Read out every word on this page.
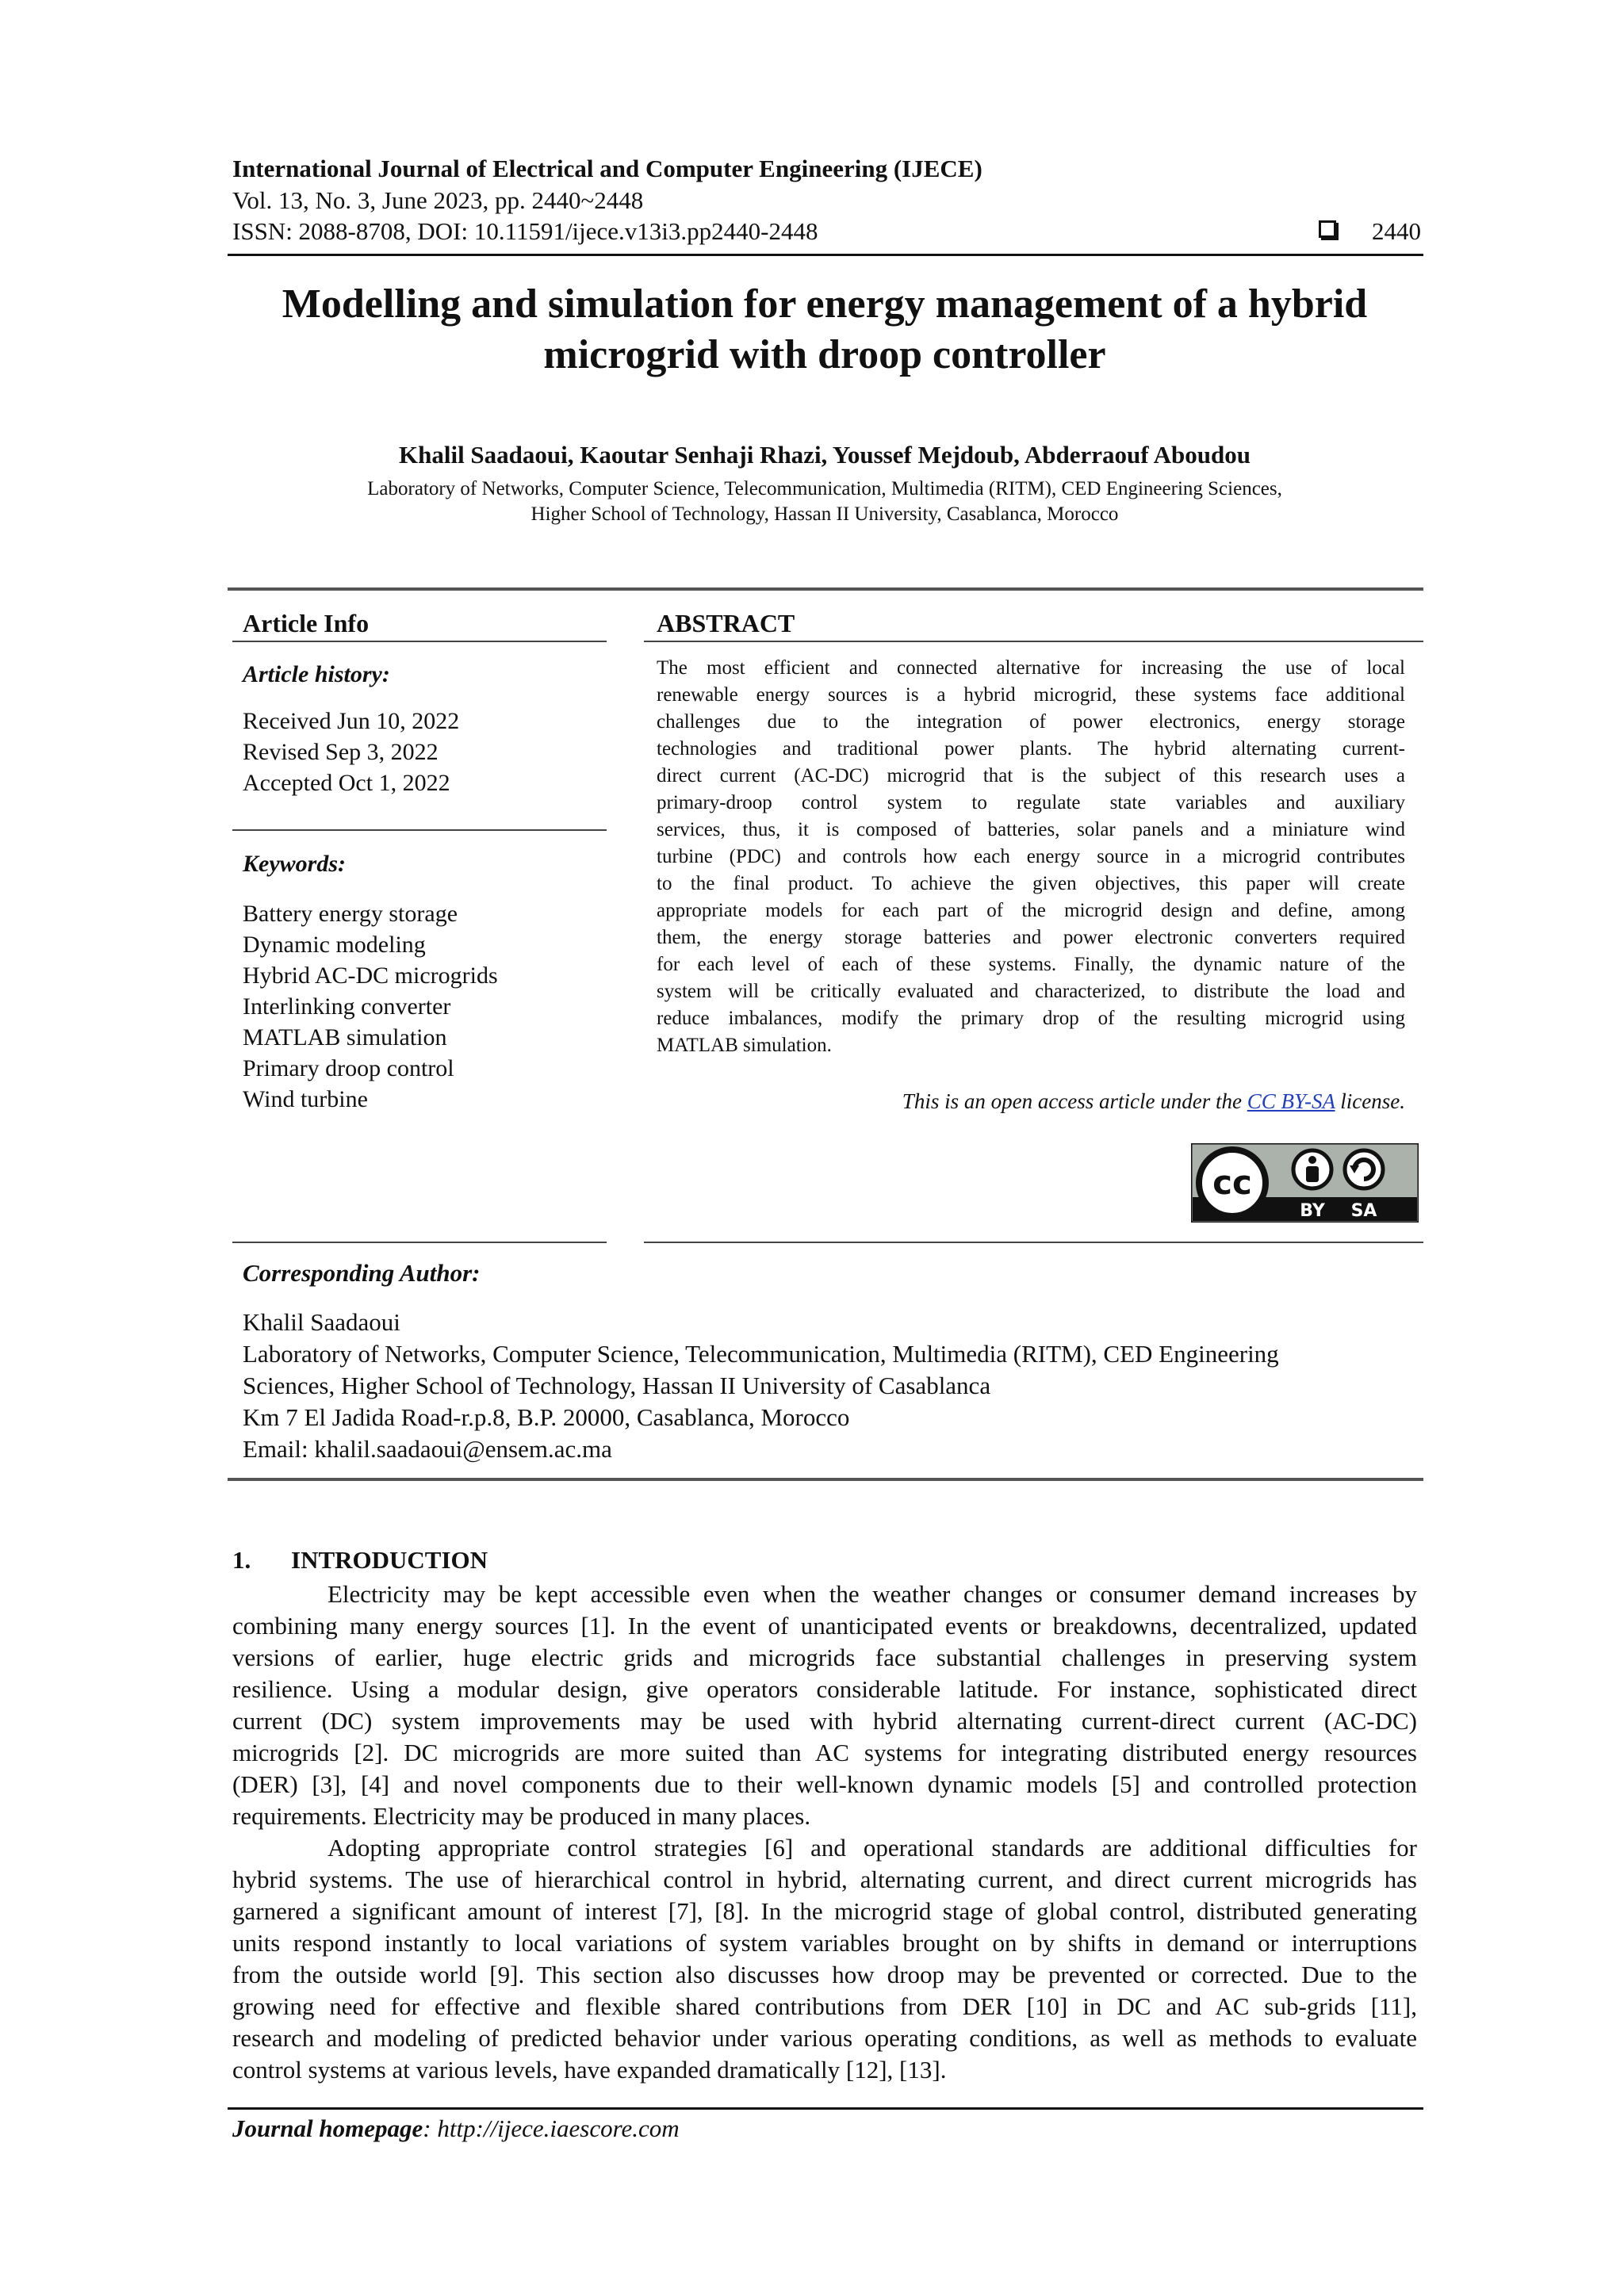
International Journal of Electrical and Computer Engineering (IJECE)
Vol. 13, No. 3, June 2023, pp. 2440~2448
ISSN: 2088-8708, DOI: 10.11591/ijece.v13i3.pp2440-2448	2440
Modelling and simulation for energy management of a hybrid
microgrid with droop controller
Khalil Saadaoui, Kaoutar Senhaji Rhazi, Youssef Mejdoub, Abderraouf Aboudou
Laboratory of Networks, Computer Science, Telecommunication, Multimedia (RITM), CED Engineering Sciences,
Higher School of Technology, Hassan II University, Casablanca, Morocco
Article Info
Article history:
Received Jun 10, 2022
Revised Sep 3, 2022
Accepted Oct 1, 2022
Keywords:
Battery energy storage
Dynamic modeling
Hybrid AC-DC microgrids
Interlinking converter
MATLAB simulation
Primary droop control
Wind turbine
ABSTRACT
The most efficient and connected alternative for increasing the use of local
renewable energy sources is a hybrid microgrid, these systems face additional
challenges due to the integration of power electronics, energy storage
technologies and traditional power plants. The hybrid alternating current-
direct current (AC-DC) microgrid that is the subject of this research uses a
primary-droop control system to regulate state variables and auxiliary
services, thus, it is composed of batteries, solar panels and a miniature wind
turbine (PDC) and controls how each energy source in a microgrid contributes
to the final product. To achieve the given objectives, this paper will create
appropriate models for each part of the microgrid design and define, among
them, the energy storage batteries and power electronic converters required
for each level of each of these systems. Finally, the dynamic nature of the
system will be critically evaluated and characterized, to distribute the load and
reduce imbalances, modify the primary drop of the resulting microgrid using
MATLAB simulation.
This is an open access article under the CC BY-SA license.
cc
BY SA
Corresponding Author:
Khalil Saadaoui
Laboratory of Networks, Computer Science, Telecommunication, Multimedia (RITM), CED Engineering
Sciences, Higher School of Technology, Hassan II University of Casablanca
Km 7 El Jadida Road-r.p.8, B.P. 20000, Casablanca, Morocco
Email: khalil.saadaoui@ensem.ac.ma
1. INTRODUCTION
Electricity may be kept accessible even when the weather changes or consumer demand increases by
combining many energy sources [1]. In the event of unanticipated events or breakdowns, decentralized, updated
versions of earlier, huge electric grids and microgrids face substantial challenges in preserving system
resilience. Using a modular design, give operators considerable latitude. For instance, sophisticated direct
current (DC) system improvements may be used with hybrid alternating current-direct current (AC-DC)
microgrids [2]. DC microgrids are more suited than AC systems for integrating distributed energy resources
(DER) [3], [4] and novel components due to their well-known dynamic models [5] and controlled protection
requirements. Electricity may be produced in many places.
Adopting appropriate control strategies [6] and operational standards are additional difficulties for
hybrid systems. The use of hierarchical control in hybrid, alternating current, and direct current microgrids has
garnered a significant amount of interest [7], [8]. In the microgrid stage of global control, distributed generating
units respond instantly to local variations of system variables brought on by shifts in demand or interruptions
from the outside world [9]. This section also discusses how droop may be prevented or corrected. Due to the
growing need for effective and flexible shared contributions from DER [10] in DC and AC sub-grids [11],
research and modeling of predicted behavior under various operating conditions, as well as methods to evaluate
control systems at various levels, have expanded dramatically [12], [13].
Journal homepage: http://ijece.iaescore.com
